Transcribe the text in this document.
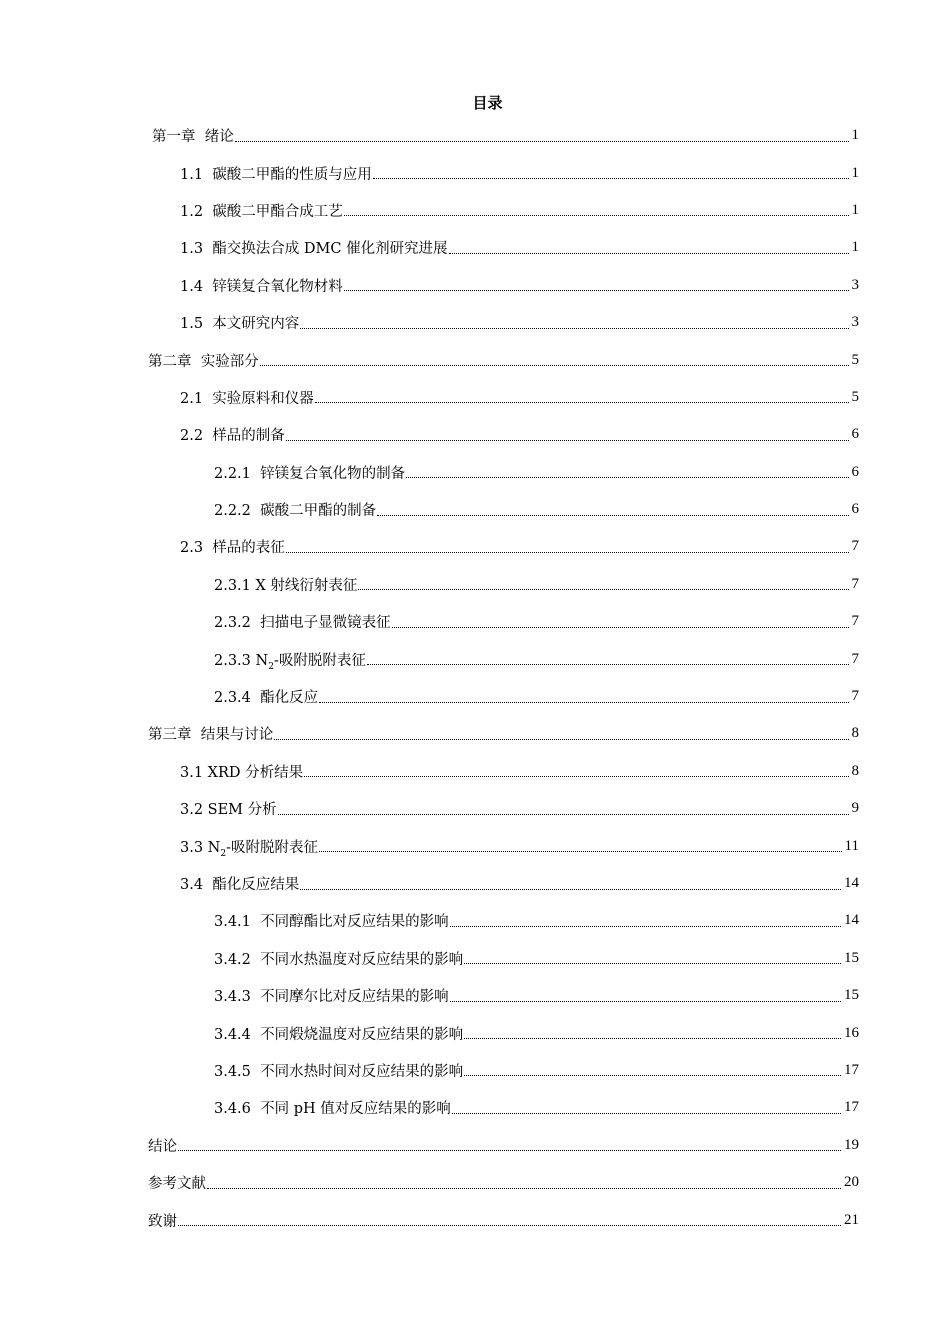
目录
第一章  绪论	1
1.1  碳酸二甲酯的性质与应用	1
1.2  碳酸二甲酯合成工艺	1
1.3  酯交换法合成 DMC 催化剂研究进展	1
1.4  锌镁复合氧化物材料	3
1.5  本文研究内容	3
第二章  实验部分	5
2.1  实验原料和仪器	5
2.2  样品的制备	6
2.2.1  锌镁复合氧化物的制备	6
2.2.2  碳酸二甲酯的制备	6
2.3  样品的表征	7
2.3.1 X 射线衍射表征	7
2.3.2  扫描电子显微镜表征	7
2.3.3 $N_2-$吸附脱附表征	7
2.3.4  酯化反应	7
第三章  结果与讨论	8
3.1 XRD 分析结果	8
3.2 SEM 分析	9
3.3 $N_2-$吸附脱附表征	11
3.4  酯化反应结果	14
3.4.1  不同醇酯比对反应结果的影响	14
3.4.2  不同水热温度对反应结果的影响	15
3.4.3  不同摩尔比对反应结果的影响	15
3.4.4  不同煅烧温度对反应结果的影响	16
3.4.5  不同水热时间对反应结果的影响	17
3.4.6  不同 pH 值对反应结果的影响	17
结论	19
参考文献	20
致谢	21
